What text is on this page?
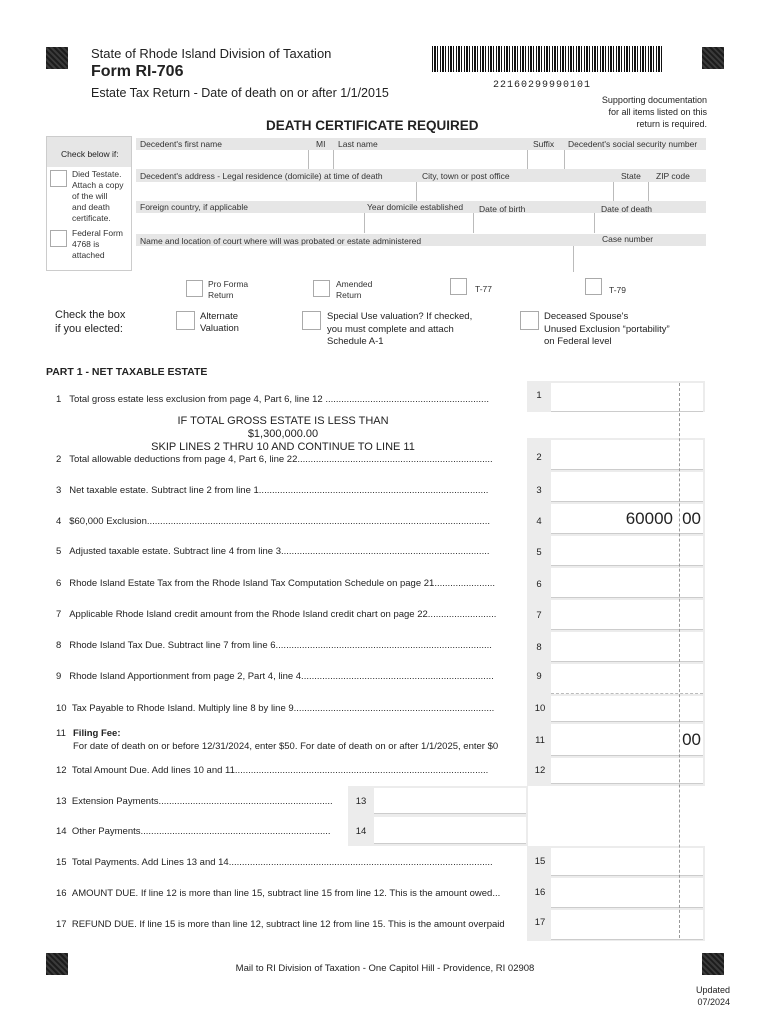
State of Rhode Island Division of Taxation
Form RI-706
Estate Tax Return - Date of death on or after 1/1/2015
22160299990101
Supporting documentation
for all items listed on this
return is required.
DEATH CERTIFICATE REQUIRED
Check below if:
Died Testate.
Attach a copy
of the will
and death
certificate.
Federal Form
4768 is
attached
Decedent's first name	MI Last name	Suffix Decedent's social security number
Decedent's address - Legal residence (domicile) at time of death	City, town or post office	State ZIP code
Foreign country, if applicable	Year domicile established Date of birth	Date of death
Name and location of court where will was probated or estate administered	Case number
Pro Forma
Return
Amended
Return
T-77	T-79
Check the box
if you elected:
Alternate
Valuation
Special Use valuation? If checked,
you must complete and attach
Schedule A-1
Deceased Spouse's
Unused Exclusion “portability”
on Federal level
PART 1 - NET TAXABLE ESTATE
1 Total gross estate less exclusion from page 4, Part 6, line 12 ..............................................................	1
IF TOTAL GROSS ESTATE IS LESS THAN $1,300,000.00
SKIP LINES 2 THRU 10 AND CONTINUE TO LINE 11
2 Total allowable deductions from page 4, Part 6, line 22..........................................................................	2
3 Net taxable estate. Subtract line 2 from line 1.......................................................................................	3
4 $60,000 Exclusion..................................................................................................................................	4	60000 00
5 Adjusted taxable estate. Subtract line 4 from line 3...............................................................................	5
6 Rhode Island Estate Tax from the Rhode Island Tax Computation Schedule on page 21.......................	6
7 Applicable Rhode Island credit amount from the Rhode Island credit chart on page 22..........................	7
8 Rhode Island Tax Due. Subtract line 7 from line 6..................................................................................	8
9 Rhode Island Apportionment from page 2, Part 4, line 4.........................................................................	9
10 Tax Payable to Rhode Island. Multiply line 8 by line 9............................................................................	10
11 Filing Fee:
For date of death on or before 12/31/2024, enter $50. For date of death on or after 1/1/2025, enter $0
11	00
12 Total Amount Due. Add lines 10 and 11................................................................................................	12
13 Extension Payments..................................................................	13
14 Other Payments........................................................................	14
15 Total Payments. Add Lines 13 and 14....................................................................................................	15
16 AMOUNT DUE. If line 12 is more than line 15, subtract line 15 from line 12. This is the amount owed...	16
17 REFUND DUE. If line 15 is more than line 12, subtract line 12 from line 15. This is the amount overpaid	17
Mail to RI Division of Taxation - One Capitol Hill - Providence, RI 02908
Updated
07/2024
